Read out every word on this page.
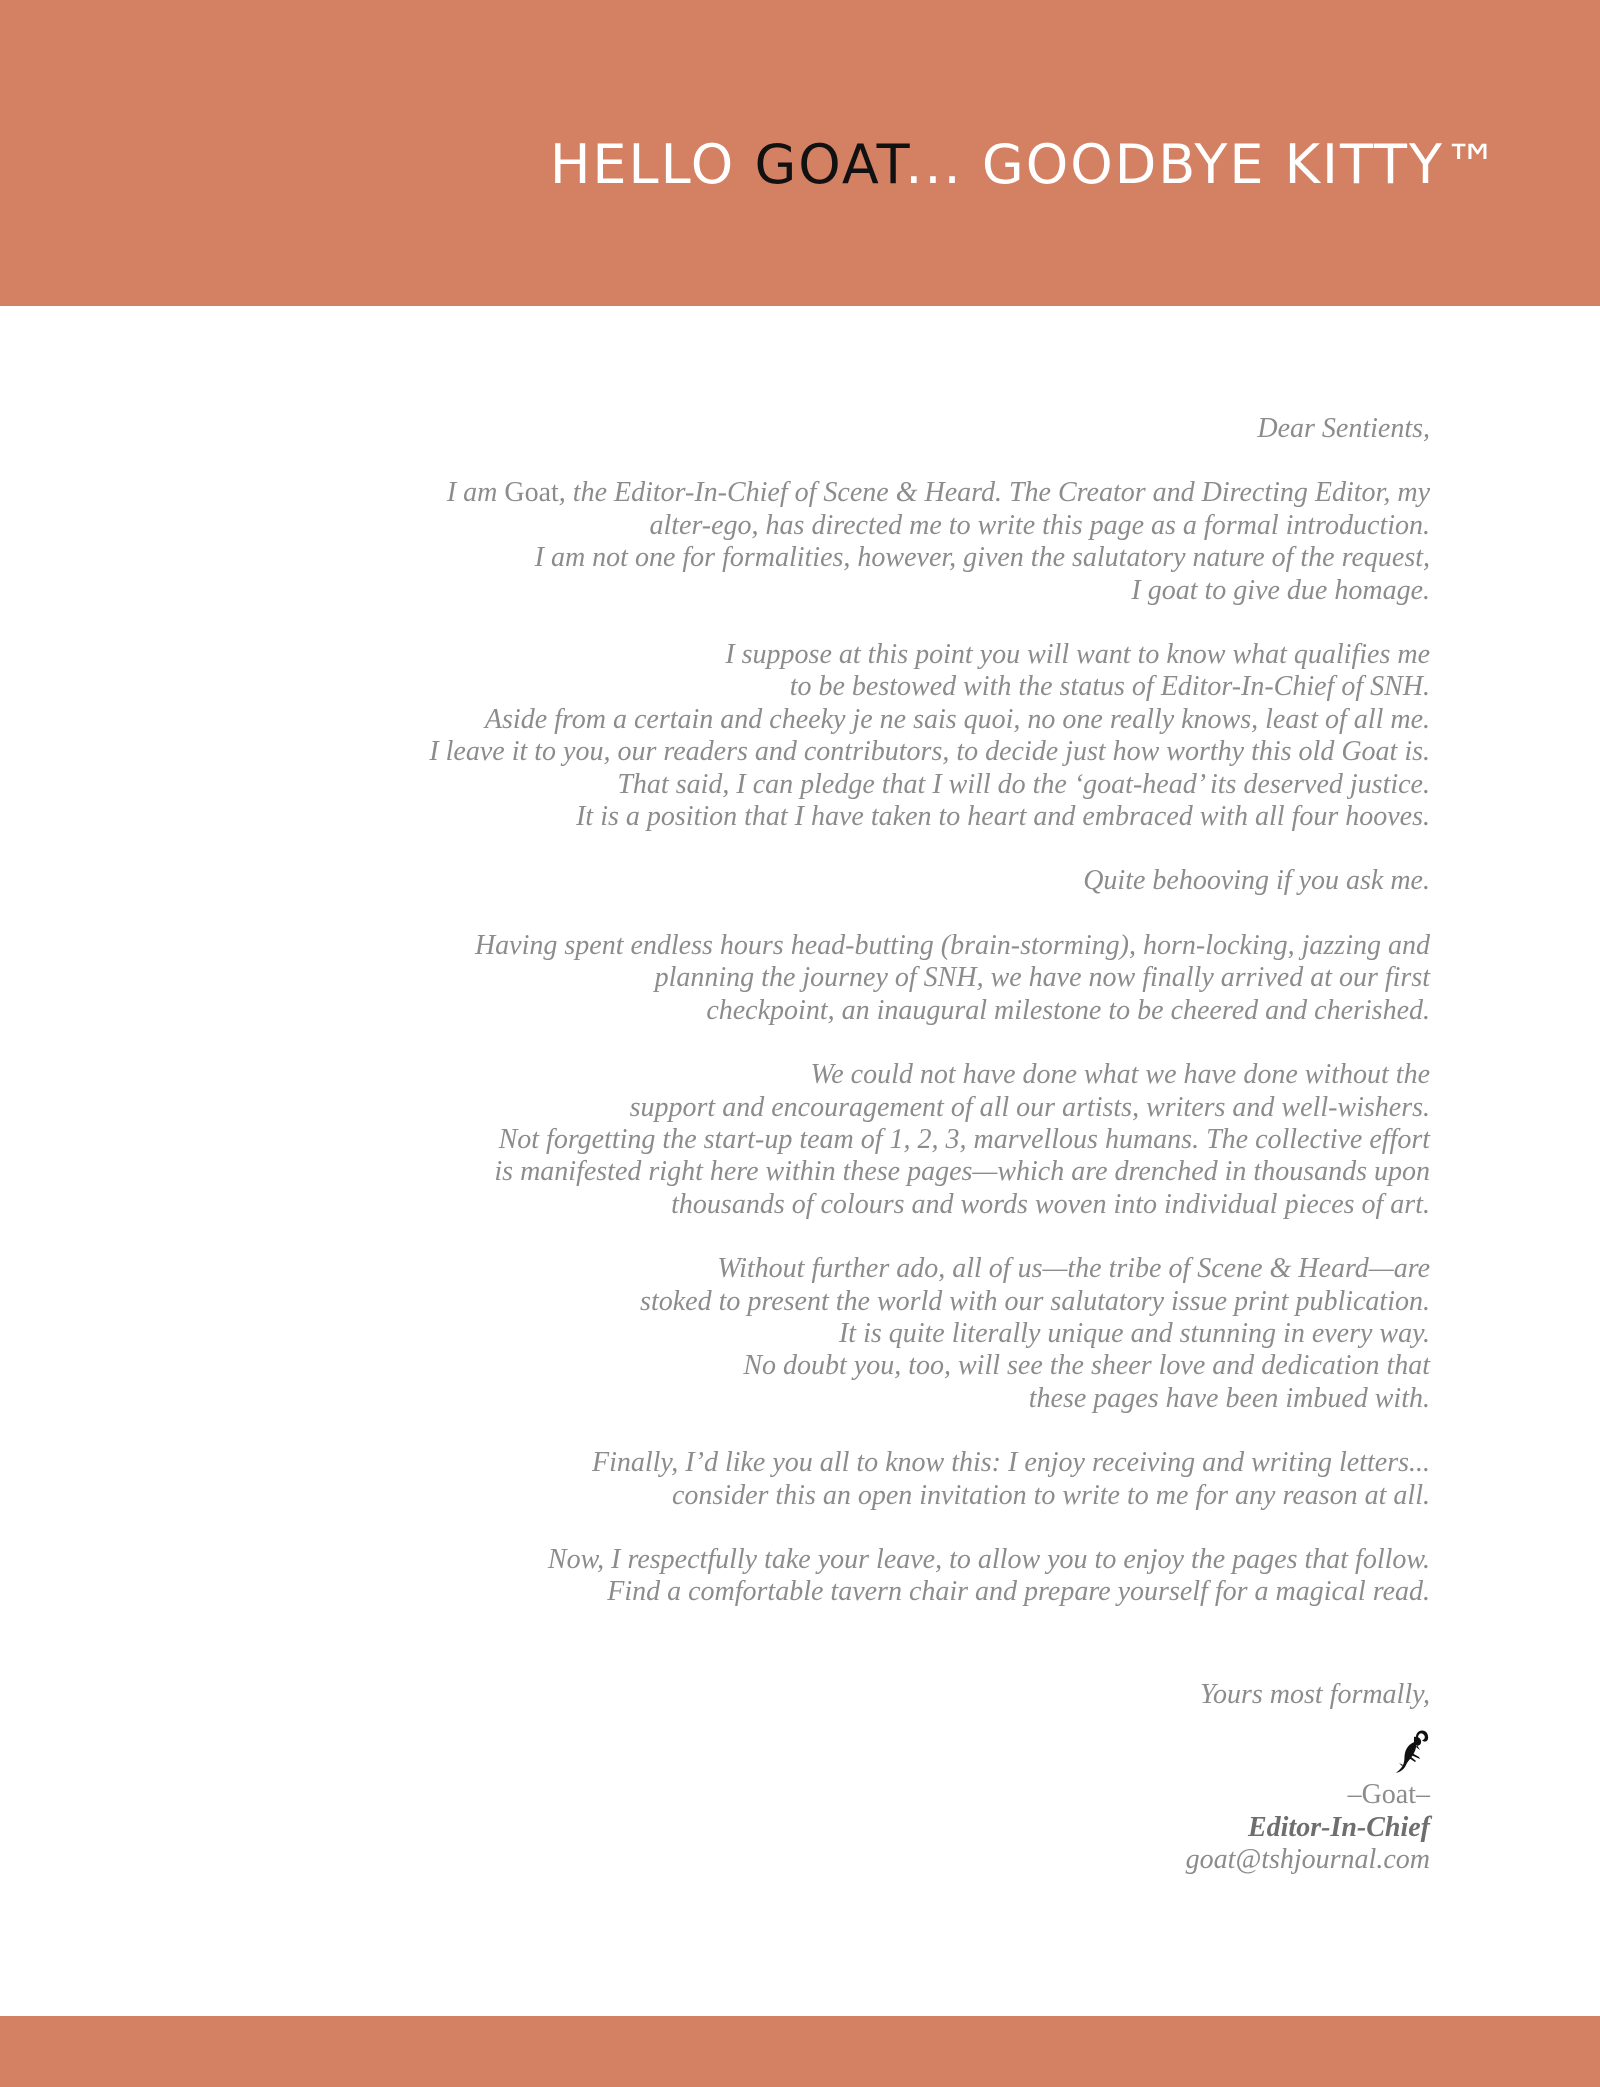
HELLO GOAT... GOODBYE KITTY™

Dear Sentients,

I am Goat, the Editor-In-Chief of Scene & Heard. The Creator and Directing Editor, my
alter-ego, has directed me to write this page as a formal introduction.
I am not one for formalities, however, given the salutatory nature of the request,
I goat to give due homage.

I suppose at this point you will want to know what qualifies me
to be bestowed with the status of Editor-In-Chief of SNH.
Aside from a certain and cheeky je ne sais quoi, no one really knows, least of all me.
I leave it to you, our readers and contributors, to decide just how worthy this old Goat is.
That said, I can pledge that I will do the ‘goat-head’ its deserved justice.
It is a position that I have taken to heart and embraced with all four hooves.

Quite behooving if you ask me.

Having spent endless hours head-butting (brain-storming), horn-locking, jazzing and
planning the journey of SNH, we have now finally arrived at our first
checkpoint, an inaugural milestone to be cheered and cherished.

We could not have done what we have done without the
support and encouragement of all our artists, writers and well-wishers.
Not forgetting the start-up team of 1, 2, 3, marvellous humans. The collective effort
is manifested right here within these pages—which are drenched in thousands upon
thousands of colours and words woven into individual pieces of art.

Without further ado, all of us—the tribe of Scene & Heard—are
stoked to present the world with our salutatory issue print publication.
It is quite literally unique and stunning in every way.
No doubt you, too, will see the sheer love and dedication that
these pages have been imbued with.

Finally, I’d like you all to know this: I enjoy receiving and writing letters...
consider this an open invitation to write to me for any reason at all.

Now, I respectfully take your leave, to allow you to enjoy the pages that follow.
Find a comfortable tavern chair and prepare yourself for a magical read.

Yours most formally,
–Goat–
Editor-In-Chief
goat@tshjournal.com
